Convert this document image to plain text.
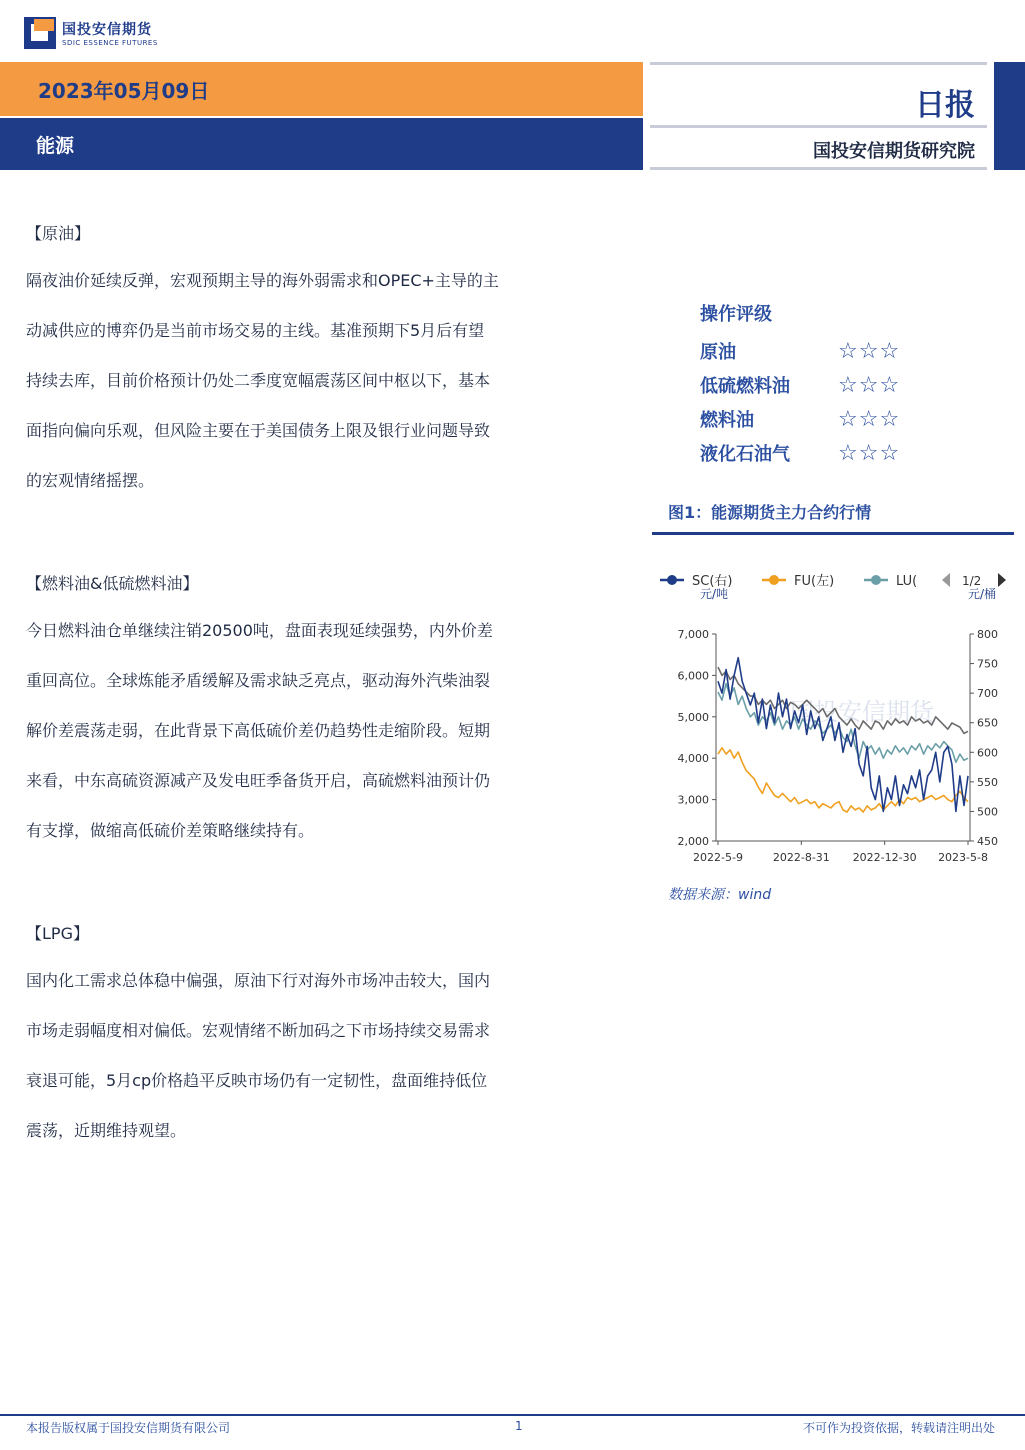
国投安信期货
SDIC ESSENCE FUTURES
2023年05月09日
能源
日报
国投安信期货研究院
【原油】

隔夜油价延续反弹，宏观预期主导的海外弱需求和OPEC+主导的主

动减供应的博弈仍是当前市场交易的主线。基准预期下5月后有望

持续去库，目前价格预计仍处二季度宽幅震荡区间中枢以下，基本

面指向偏向乐观，但风险主要在于美国债务上限及银行业问题导致

的宏观情绪摇摆。

【燃料油&低硫燃料油】

今日燃料油仓单继续注销20500吨，盘面表现延续强势，内外价差

重回高位。全球炼能矛盾缓解及需求缺乏亮点，驱动海外汽柴油裂

解价差震荡走弱，在此背景下高低硫价差仍趋势性走缩阶段。短期

来看，中东高硫资源减产及发电旺季备货开启，高硫燃料油预计仍

有支撑，做缩高低硫价差策略继续持有。

【LPG】

国内化工需求总体稳中偏强，原油下行对海外市场冲击较大，国内

市场走弱幅度相对偏低。宏观情绪不断加码之下市场持续交易需求

衰退可能，5月cp价格趋平反映市场仍有一定韧性，盘面维持低位

震荡，近期维持观望。

操作评级
原油	☆☆☆
低硫燃料油	☆☆☆
燃料油	☆☆☆
液化石油气	☆☆☆
图1：能源期货主力合约行情
SC(右)	FU(左)	LU(	1/2
元/吨	元/桶
国投安信期货
7,000
6,000
5,000
4,000
3,000
2,000
800
750
700
650
600
550
500
450
2022-5-9	2022-8-31 2022-12-30 2023-5-8
数据来源：wind
本报告版权属于国投安信期货有限公司	1	不可作为投资依据，转载请注明出处
